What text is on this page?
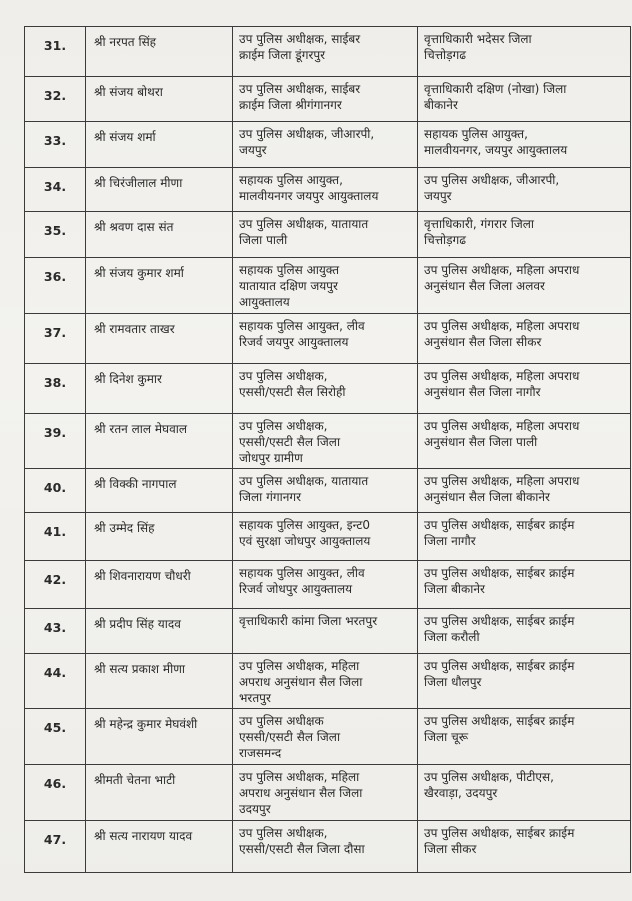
31.	श्री नरपत सिंह	उप पुलिस अधीक्षक, साईबर
क्राईम जिला डूंगरपुर	वृत्ताधिकारी भदेसर जिला
चित्तोड़गढ

32.	श्री संजय बोथरा	उप पुलिस अधीक्षक, साईबर
क्राईम जिला श्रीगंगानगर	वृत्ताधिकारी दक्षिण (नोखा) जिला
बीकानेर

33.	श्री संजय शर्मा	उप पुलिस अधीक्षक, जीआरपी,
जयपुर	सहायक पुलिस आयुक्त,
मालवीयनगर, जयपुर आयुक्तालय

34.	श्री चिरंजीलाल मीणा	सहायक पुलिस आयुक्त,
मालवीयनगर जयपुर आयुक्तालय	उप पुलिस अधीक्षक, जीआरपी,
जयपुर

35.	श्री श्रवण दास संत	उप पुलिस अधीक्षक, यातायात
जिला पाली	वृत्ताधिकारी, गंगरार जिला
चित्तोड़गढ

36.	श्री संजय कुमार शर्मा	सहायक पुलिस आयुक्त
यातायात दक्षिण जयपुर
आयुक्तालय	उप पुलिस अधीक्षक, महिला अपराध
अनुसंधान सैल जिला अलवर

37.	श्री रामवतार ताखर	सहायक पुलिस आयुक्त, लीव
रिजर्व जयपुर आयुक्तालय	उप पुलिस अधीक्षक, महिला अपराध
अनुसंधान सैल जिला सीकर

38.	श्री दिनेश कुमार	उप पुलिस अधीक्षक,
एससी/एसटी सैल सिरोही	उप पुलिस अधीक्षक, महिला अपराध
अनुसंधान सैल जिला नागौर

39.	श्री रतन लाल मेघवाल	उप पुलिस अधीक्षक,
एससी/एसटी सैल जिला
जोधपुर ग्रामीण	उप पुलिस अधीक्षक, महिला अपराध
अनुसंधान सैल जिला पाली

40.	श्री विक्की नागपाल	उप पुलिस अधीक्षक, यातायात
जिला गंगानगर	उप पुलिस अधीक्षक, महिला अपराध
अनुसंधान सैल जिला बीकानेर

41.	श्री उम्मेद सिंह	सहायक पुलिस आयुक्त, इन्ट0
एवं सुरक्षा जोधपुर आयुक्तालय	उप पुलिस अधीक्षक, साईबर क्राईम
जिला नागौर

42.	श्री शिवनारायण चौधरी	सहायक पुलिस आयुक्त, लीव
रिजर्व जोधपुर आयुक्तालय	उप पुलिस अधीक्षक, साईबर क्राईम
जिला बीकानेर

43.	श्री प्रदीप सिंह यादव	वृत्ताधिकारी कांमा जिला भरतपुर	उप पुलिस अधीक्षक, साईबर क्राईम
जिला करौली

44.	श्री सत्य प्रकाश मीणा	उप पुलिस अधीक्षक, महिला
अपराध अनुसंधान सैल जिला
भरतपुर	उप पुलिस अधीक्षक, साईबर क्राईम
जिला धौलपुर

45.	श्री महेन्द्र कुमार मेघवंशी	उप पुलिस अधीक्षक
एससी/एसटी सैल जिला
राजसमन्द	उप पुलिस अधीक्षक, साईबर क्राईम
जिला चूरू

46.	श्रीमती चेतना भाटी	उप पुलिस अधीक्षक, महिला
अपराध अनुसंधान सैल जिला
उदयपुर	उप पुलिस अधीक्षक, पीटीएस,
खैरवाड़ा, उदयपुर

47.	श्री सत्य नारायण यादव	उप पुलिस अधीक्षक,
एससी/एसटी सैल जिला दौसा	उप पुलिस अधीक्षक, साईबर क्राईम
जिला सीकर
